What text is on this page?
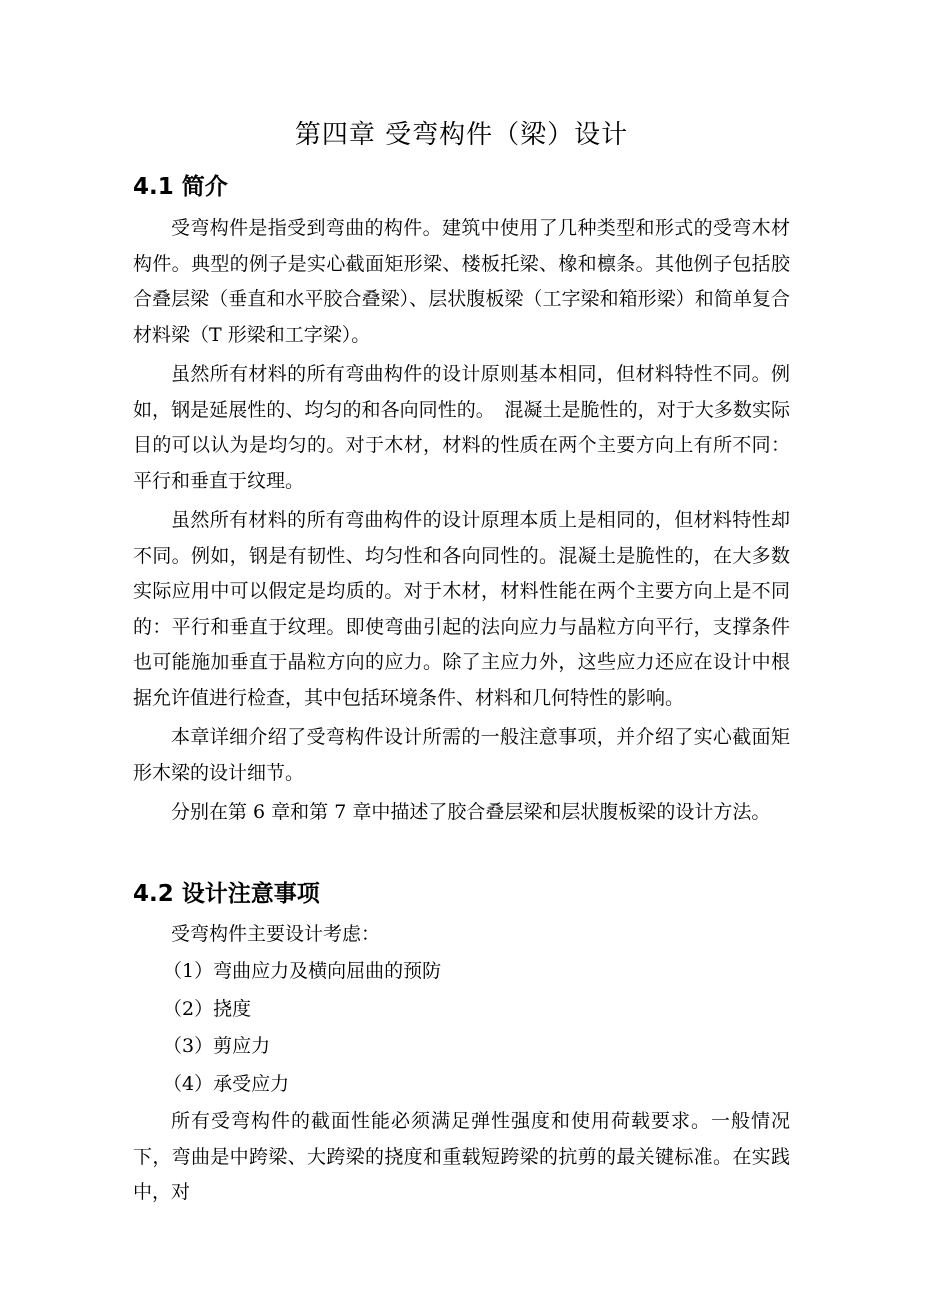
第四章 受弯构件（梁）设计
4.1 简介

受弯构件是指受到弯曲的构件。建筑中使用了几种类型和形式的受弯木材构件。典型的例子是实心截面矩形梁、楼板托梁、橡和檩条。其他例子包括胶合叠层梁（垂直和水平胶合叠梁）、层状腹板梁（工字梁和箱形梁）和简单复合材料梁（T 形梁和工字梁）。

虽然所有材料的所有弯曲构件的设计原则基本相同，但材料特性不同。例如，钢是延展性的、均匀的和各向同性的。　混凝土是脆性的，对于大多数实际目的可以认为是均匀的。对于木材，材料的性质在两个主要方向上有所不同：平行和垂直于纹理。

虽然所有材料的所有弯曲构件的设计原理本质上是相同的，但材料特性却不同。例如，钢是有韧性、均匀性和各向同性的。混凝土是脆性的，在大多数实际应用中可以假定是均质的。对于木材，材料性能在两个主要方向上是不同的：平行和垂直于纹理。即使弯曲引起的法向应力与晶粒方向平行，支撑条件也可能施加垂直于晶粒方向的应力。除了主应力外，这些应力还应在设计中根据允许值进行检查，其中包括环境条件、材料和几何特性的影响。

本章详细介绍了受弯构件设计所需的一般注意事项，并介绍了实心截面矩形木梁的设计细节。

分别在第 6 章和第 7 章中描述了胶合叠层梁和层状腹板梁的设计方法。

4.2 设计注意事项

受弯构件主要设计考虑：

（1）弯曲应力及横向屈曲的预防

（2）挠度

（3）剪应力

（4）承受应力

所有受弯构件的截面性能必须满足弹性强度和使用荷载要求。一般情况下，弯曲是中跨梁、大跨梁的挠度和重载短跨梁的抗剪的最关键标准。在实践中，对
